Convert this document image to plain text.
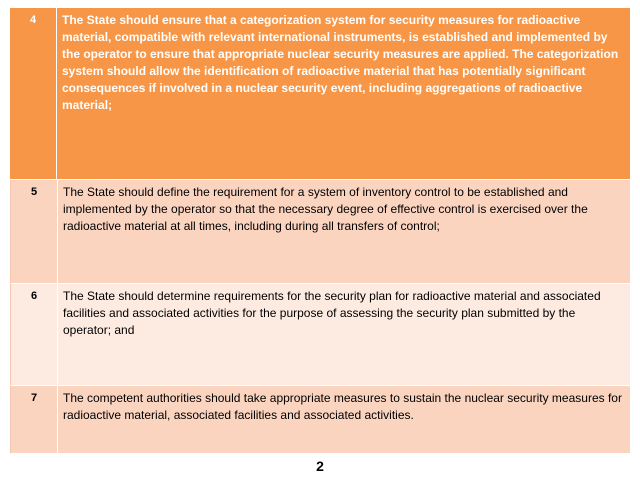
4	The State should ensure that a categorization system for security measures for radioactive material, compatible with relevant international instruments, is established and implemented by the operator to ensure that appropriate nuclear security measures are applied. The categorization system should allow the identification of radioactive material that has potentially significant consequences if involved in a nuclear security event, including aggregations of radioactive material;
5	The State should define the requirement for a system of inventory control to be established and implemented by the operator so that the necessary degree of effective control is exercised over the radioactive material at all times, including during all transfers of control;
6	The State should determine requirements for the security plan for radioactive material and associated facilities and associated activities for the purpose of assessing the security plan submitted by the operator; and
7	The competent authorities should take appropriate measures to sustain the nuclear security measures for radioactive material, associated facilities and associated activities.
2
